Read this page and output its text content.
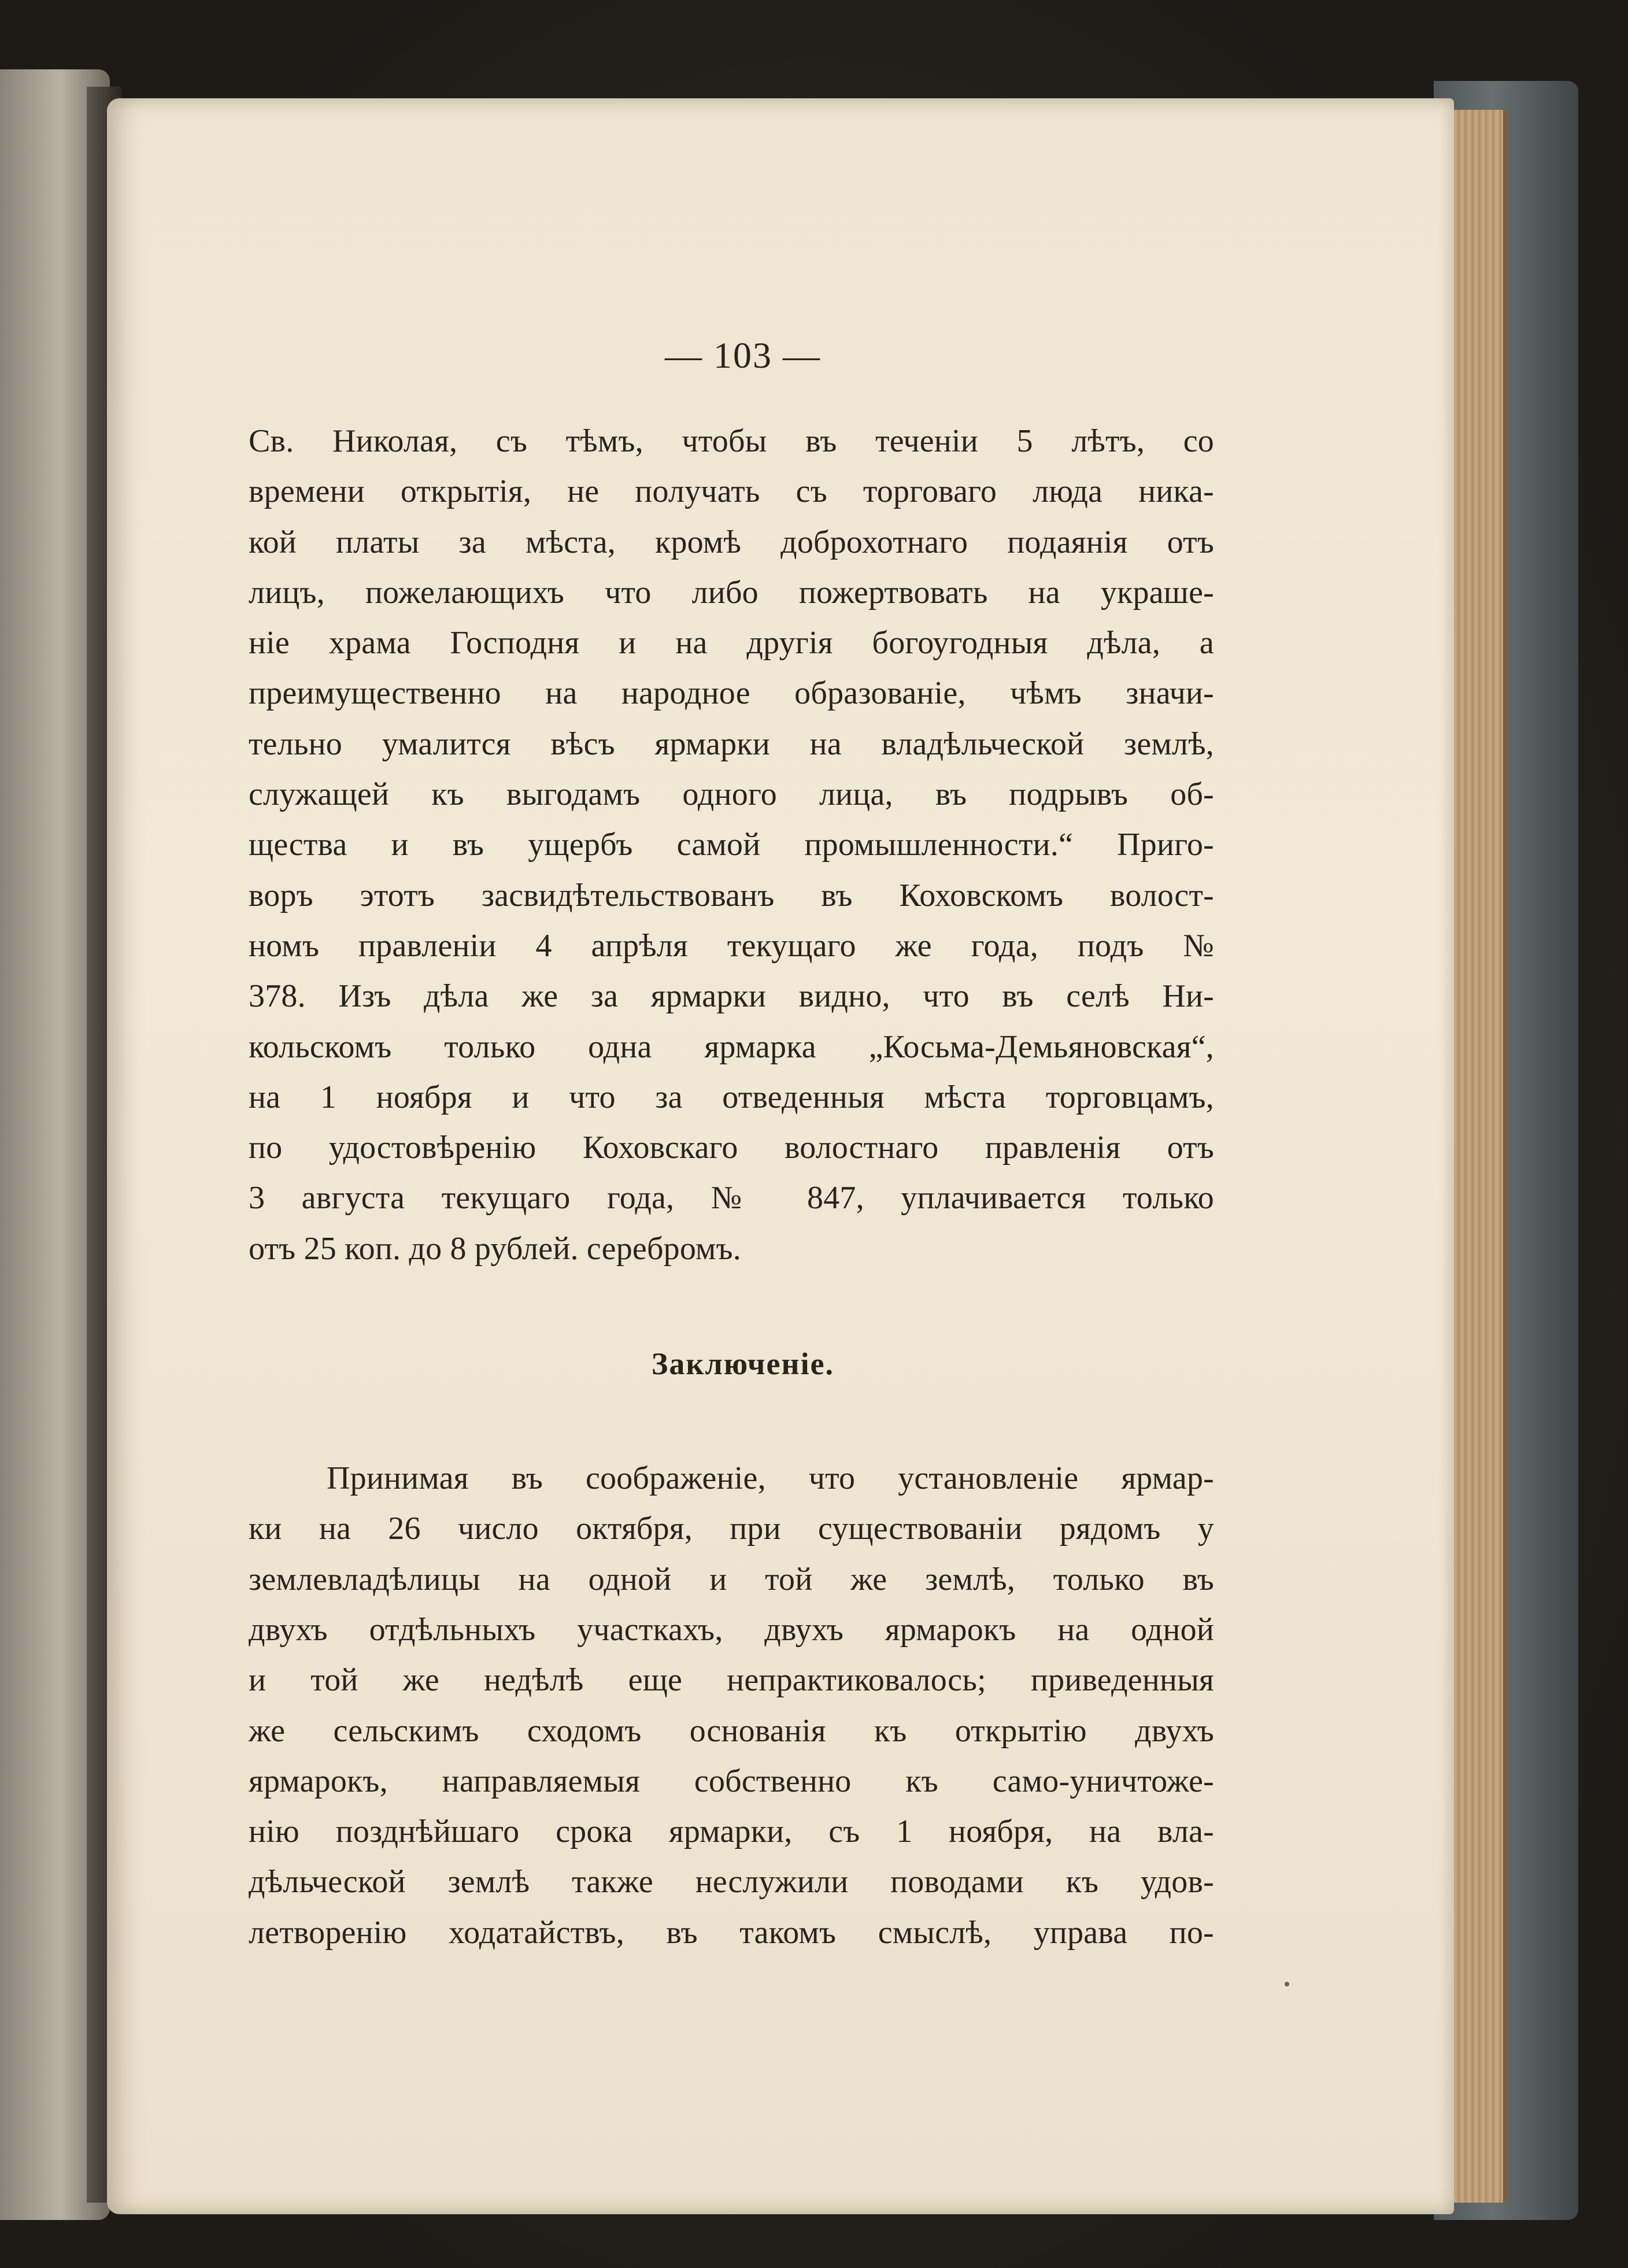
— 103 —
Св. Николая, съ тѣмъ, чтобы въ теченіи 5 лѣтъ, со
времени открытія, не получать съ торговаго люда ника-
кой платы за мѣста, кромѣ доброхотнаго подаянія отъ
лицъ, пожелающихъ что либо пожертвовать на украше-
ніе храма Господня и на другія богоугодныя дѣла, а
преимущественно на народное образованіе, чѣмъ значи-
тельно умалится вѣсъ ярмарки на владѣльческой землѣ,
служащей къ выгодамъ одного лица, въ подрывъ об-
щества и въ ущербъ самой промышленности.“ Приго-
воръ этотъ засвидѣтельствованъ въ Коховскомъ волост-
номъ правленіи 4 апрѣля текущаго же года, подъ №
378. Изъ дѣла же за ярмарки видно, что въ селѣ Ни-
кольскомъ только одна ярмарка „Косьма-Демьяновская“,
на 1 ноября и что за отведенныя мѣста торговцамъ,
по удостовѣренію Коховскаго волостнаго правленія отъ
3 августа текущаго года, № 847, уплачивается только
отъ 25 коп. до 8 рублей. серебромъ.
Заключеніе.
Принимая въ соображеніе, что установленіе ярмар-
ки на 26 число октября, при существованіи рядомъ у
землевладѣлицы на одной и той же землѣ, только въ
двухъ отдѣльныхъ участкахъ, двухъ ярмарокъ на одной
и той же недѣлѣ еще непрактиковалось; приведенныя
же сельскимъ сходомъ основанія къ открытію двухъ
ярмарокъ, направляемыя собственно къ само-уничтоже-
нію позднѣйшаго срока ярмарки, съ 1 ноября, на вла-
дѣльческой землѣ также неслужили поводами къ удов-
летворенію ходатайствъ, въ такомъ смыслѣ, управа по-
